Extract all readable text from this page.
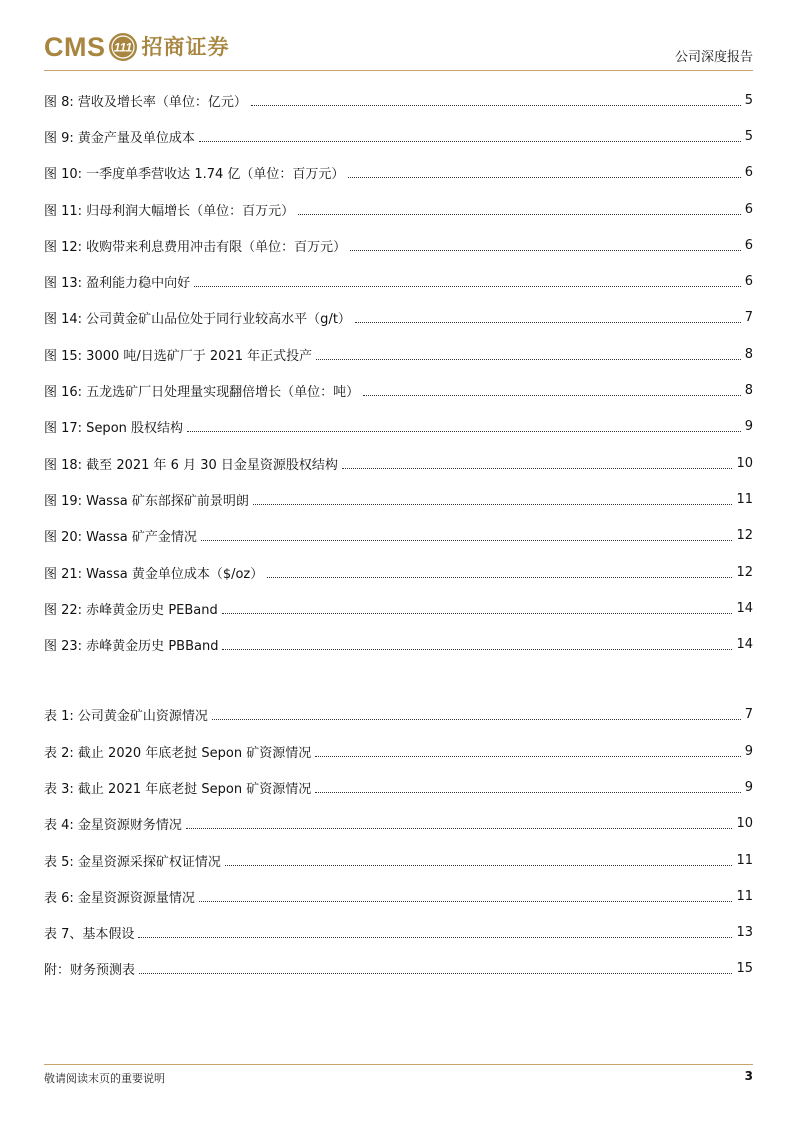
CMS 111 招商证券	公司深度报告
图 8: 营收及增长率（单位：亿元）	5
图 9: 黄金产量及单位成本	5
图 10: 一季度单季营收达 1.74 亿（单位：百万元）	6
图 11: 归母利润大幅增长（单位：百万元）	6
图 12: 收购带来利息费用冲击有限（单位：百万元）	6
图 13: 盈利能力稳中向好	6
图 14: 公司黄金矿山品位处于同行业较高水平（g/t）	7
图 15: 3000 吨/日选矿厂于 2021 年正式投产	8
图 16: 五龙选矿厂日处理量实现翻倍增长（单位：吨）	8
图 17: Sepon 股权结构	9
图 18: 截至 2021 年 6 月 30 日金星资源股权结构	10
图 19: Wassa 矿东部探矿前景明朗	11
图 20: Wassa 矿产金情况	12
图 21: Wassa 黄金单位成本（$/oz）	12
图 22: 赤峰黄金历史 PEBand	14
图 23: 赤峰黄金历史 PBBand	14
表 1: 公司黄金矿山资源情况	7
表 2: 截止 2020 年底老挝 Sepon 矿资源情况	9
表 3: 截止 2021 年底老挝 Sepon 矿资源情况	9
表 4: 金星资源财务情况	10
表 5: 金星资源采探矿权证情况	11
表 6: 金星资源资源量情况	11
表 7、基本假设	13
附：财务预测表	15
敬请阅读末页的重要说明	3
